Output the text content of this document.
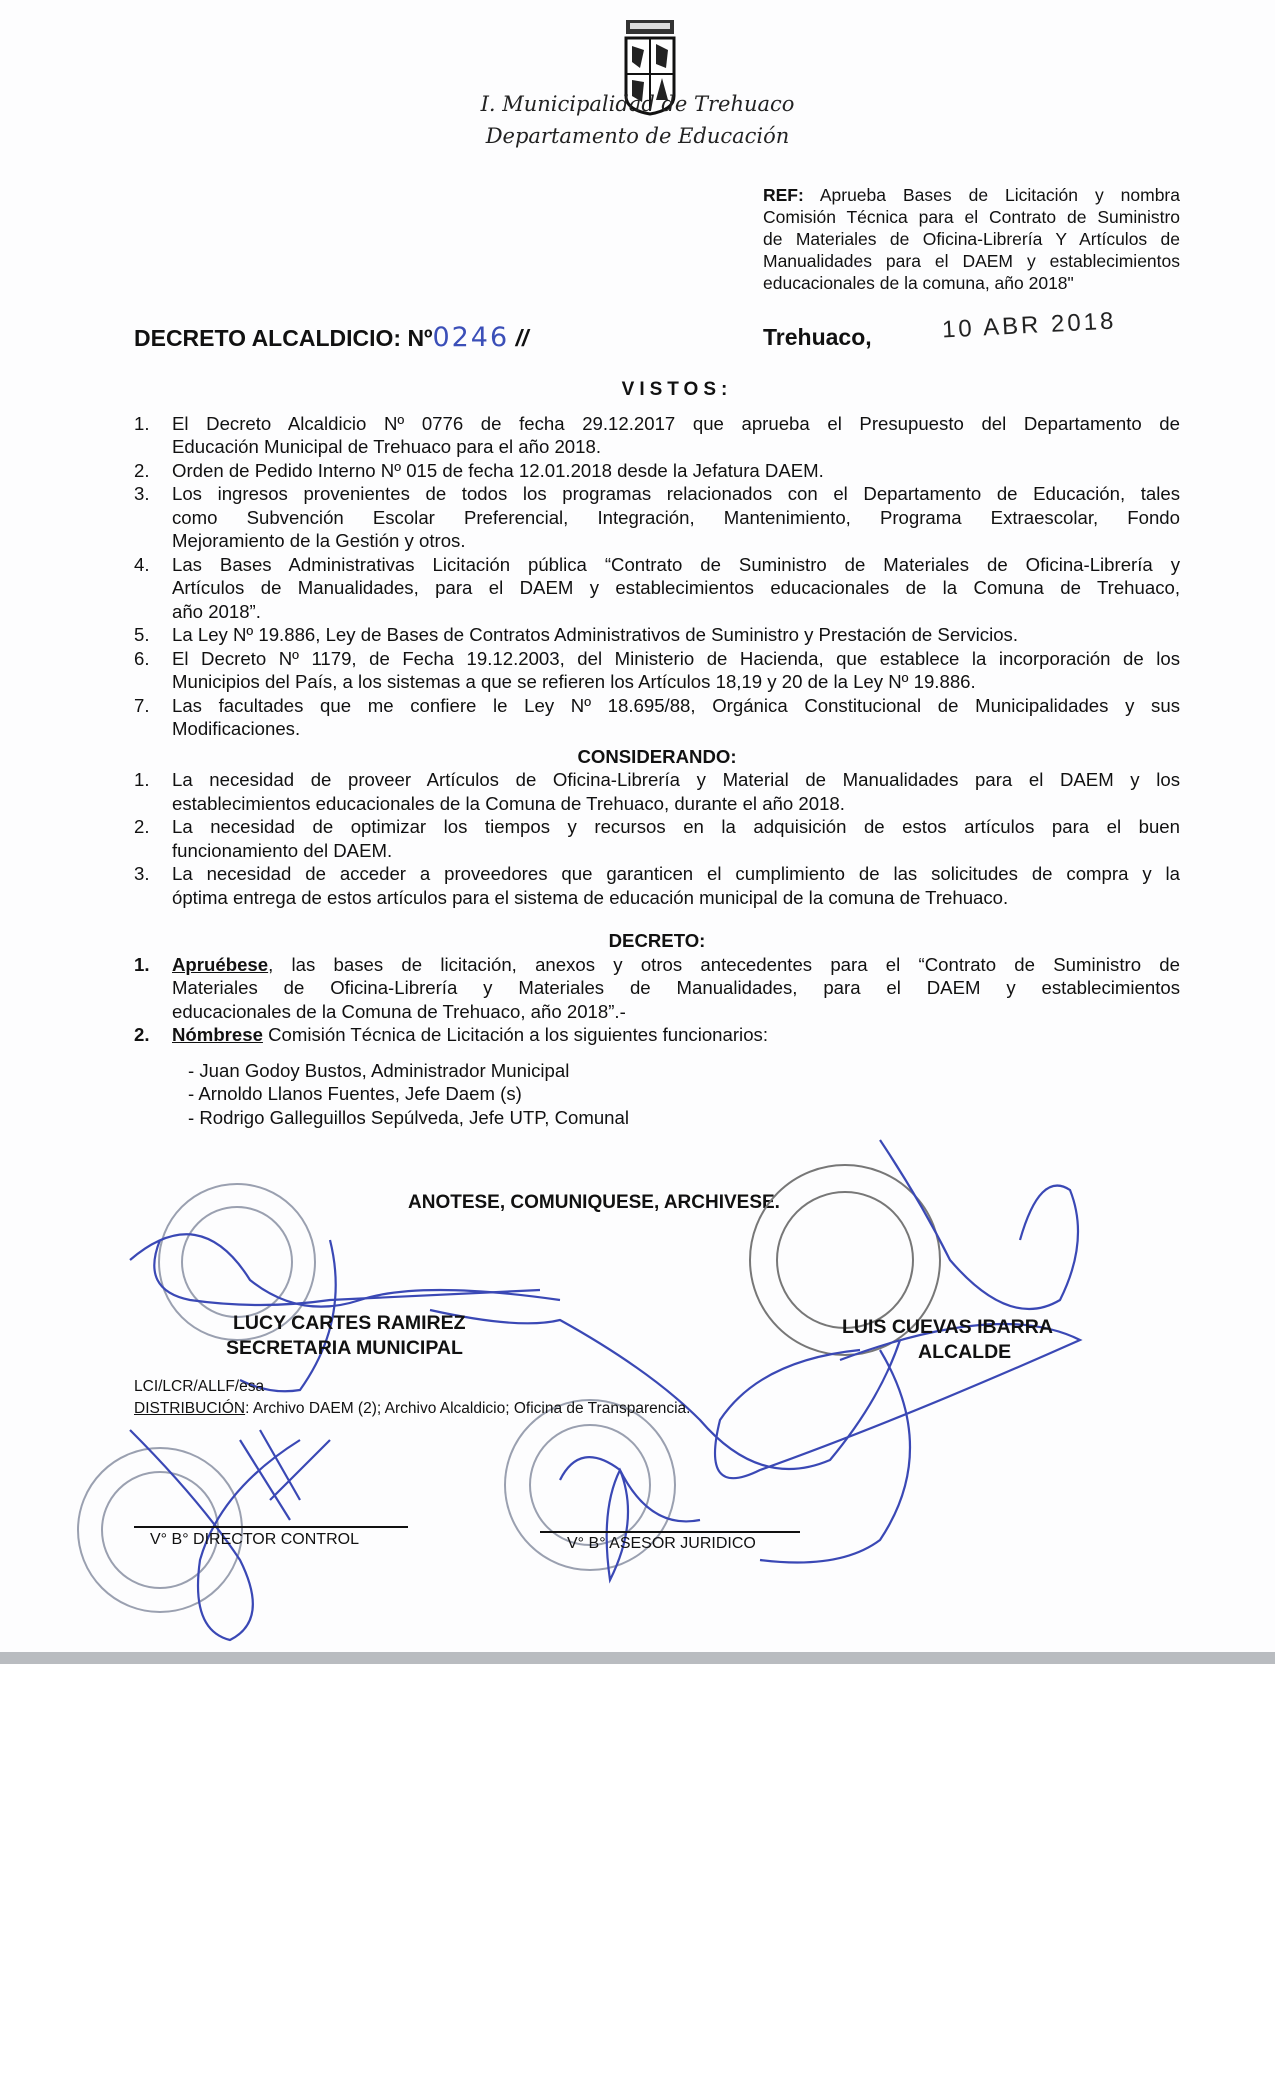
I. Municipalidad de Trehuaco
Departamento de Educación
REF: Aprueba Bases de Licitación y nombra
Comisión Técnica para el Contrato de Suministro
de Materiales de Oficina-Librería Y Artículos de
Manualidades para el DAEM y establecimientos
educacionales de la comuna, año 2018"
DECRETO ALCALDICIO: Nº0246 //	Trehuaco,	10 ABR 2018
VISTOS:
1.	El Decreto Alcaldicio Nº 0776 de fecha 29.12.2017 que aprueba el Presupuesto del Departamento de
Educación Municipal de Trehuaco para el año 2018.
2.	Orden de Pedido Interno Nº 015 de fecha 12.01.2018 desde la Jefatura DAEM.
3.	Los ingresos provenientes de todos los programas relacionados con el Departamento de Educación, tales
como Subvención Escolar Preferencial, Integración, Mantenimiento, Programa Extraescolar, Fondo
Mejoramiento de la Gestión y otros.
4.	Las Bases Administrativas Licitación pública “Contrato de Suministro de Materiales de Oficina-Librería y
Artículos de Manualidades, para el DAEM y establecimientos educacionales de la Comuna de Trehuaco,
año 2018”.
5.	La Ley Nº 19.886, Ley de Bases de Contratos Administrativos de Suministro y Prestación de Servicios.
6.	El Decreto Nº 1179, de Fecha 19.12.2003, del Ministerio de Hacienda, que establece la incorporación de los
Municipios del País, a los sistemas a que se refieren los Artículos 18,19 y 20 de la Ley Nº 19.886.
7.	Las facultades que me confiere le Ley Nº 18.695/88, Orgánica Constitucional de Municipalidades y sus
Modificaciones.
CONSIDERANDO:
1.	La necesidad de proveer Artículos de Oficina-Librería y Material de Manualidades para el DAEM y los
establecimientos educacionales de la Comuna de Trehuaco, durante el año 2018.
2.	La necesidad de optimizar los tiempos y recursos en la adquisición de estos artículos para el buen
funcionamiento del DAEM.
3.	La necesidad de acceder a proveedores que garanticen el cumplimiento de las solicitudes de compra y la
óptima entrega de estos artículos para el sistema de educación municipal de la comuna de Trehuaco.
DECRETO:
1.	Apruébese, las bases de licitación, anexos y otros antecedentes para el “Contrato de Suministro de
Materiales de Oficina-Librería y Materiales de Manualidades, para el DAEM y establecimientos
educacionales de la Comuna de Trehuaco, año 2018”.-
2.	Nómbrese Comisión Técnica de Licitación a los siguientes funcionarios:
- Juan Godoy Bustos, Administrador Municipal
- Arnoldo Llanos Fuentes, Jefe Daem (s)
- Rodrigo Galleguillos Sepúlveda, Jefe UTP, Comunal
ANOTESE, COMUNIQUESE, ARCHIVESE.
LUCY CARTES RAMIREZ
SECRETARIA MUNICIPAL
LUIS CUEVAS IBARRA
ALCALDE
LCI/LCR/ALLF/esa
DISTRIBUCIÓN: Archivo DAEM (2); Archivo Alcaldicio; Oficina de Transparencia.
V° B° DIRECTOR CONTROL	V° B° ASESOR JURIDICO
